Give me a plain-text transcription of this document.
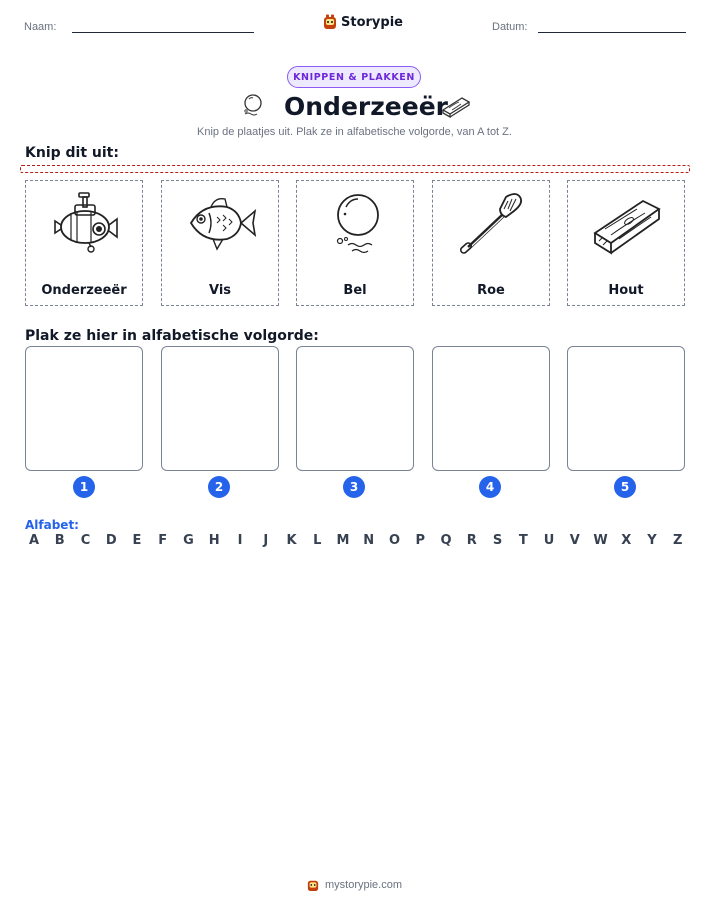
Naam:	Storypie	Datum:
KNIPPEN & PLAKKEN
Onderzeeër
Knip de plaatjes uit. Plak ze in alfabetische volgorde, van A tot Z.
Knip dit uit:
Onderzeeër	Vis	Bel	Roe	Hout
Plak ze hier in alfabetische volgorde:
1	2	3	4	5
Alfabet:
A B C D E F G H	I	J	K L M N O P Q R S T U V W X Y Z
mystorypie.com
